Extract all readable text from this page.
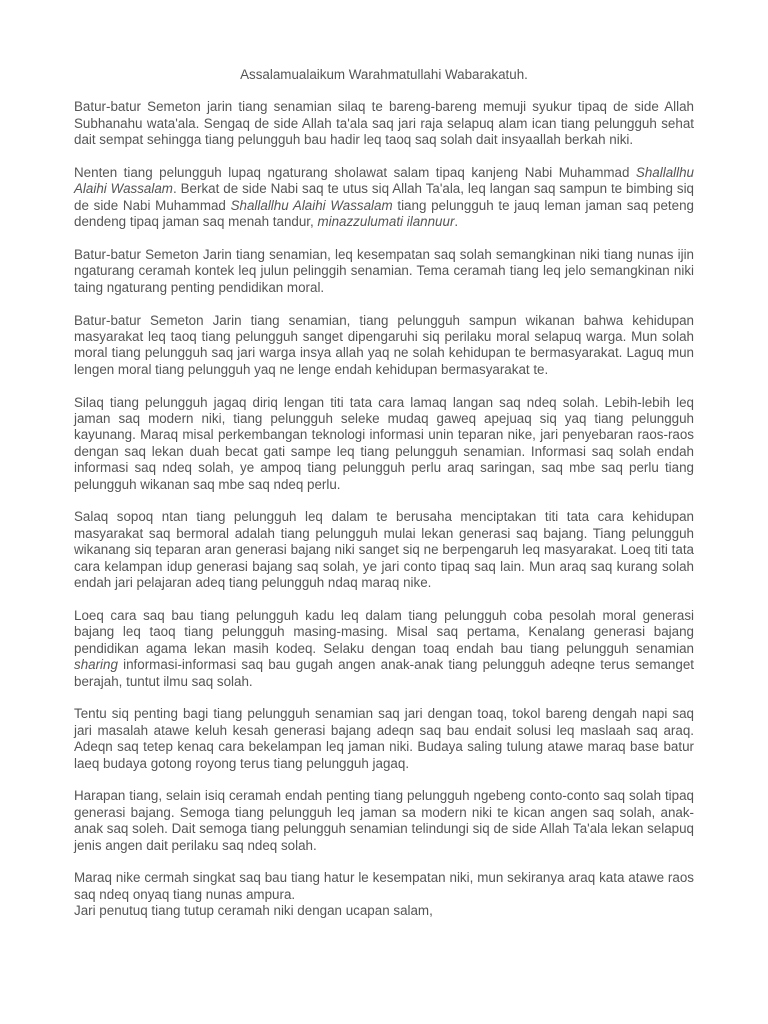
Assalamualaikum Warahmatullahi Wabarakatuh.

Batur-batur Semeton jarin tiang senamian silaq te bareng-bareng memuji syukur tipaq de side Allah Subhanahu wata'ala. Sengaq de side Allah ta'ala saq jari raja selapuq alam ican tiang pelungguh sehat dait sempat sehingga tiang pelungguh bau hadir leq taoq saq solah dait insyaallah berkah niki.

Nenten tiang pelungguh lupaq ngaturang sholawat salam tipaq kanjeng Nabi Muhammad Shallallhu Alaihi Wassalam. Berkat de side Nabi saq te utus siq Allah Ta'ala, leq langan saq sampun te bimbing siq de side Nabi Muhammad Shallallhu Alaihi Wassalam tiang pelungguh te jauq leman jaman saq peteng dendeng tipaq jaman saq menah tandur, minazzulumati ilannuur.

Batur-batur Semeton Jarin tiang senamian, leq kesempatan saq solah semangkinan niki tiang nunas ijin ngaturang ceramah kontek leq julun pelinggih senamian. Tema ceramah tiang leq jelo semangkinan niki taing ngaturang penting pendidikan moral.

Batur-batur Semeton Jarin tiang senamian, tiang pelungguh sampun wikanan bahwa kehidupan masyarakat leq taoq tiang pelungguh sanget dipengaruhi siq perilaku moral selapuq warga. Mun solah moral tiang pelungguh saq jari warga insya allah yaq ne solah kehidupan te bermasyarakat. Laguq mun lengen moral tiang pelungguh yaq ne lenge endah kehidupan bermasyarakat te.

Silaq tiang pelungguh jagaq diriq lengan titi tata cara lamaq langan saq ndeq solah. Lebih-lebih leq jaman saq modern niki, tiang pelungguh seleke mudaq gaweq apejuaq siq yaq tiang pelungguh kayunang. Maraq misal perkembangan teknologi informasi unin teparan nike, jari penyebaran raos-raos dengan saq lekan duah becat gati sampe leq tiang pelungguh senamian. Informasi saq solah endah informasi saq ndeq solah, ye ampoq tiang pelungguh perlu araq saringan, saq mbe saq perlu tiang pelungguh wikanan saq mbe saq ndeq perlu.

Salaq sopoq ntan tiang pelungguh leq dalam te berusaha menciptakan titi tata cara kehidupan masyarakat saq bermoral adalah tiang pelungguh mulai lekan generasi saq bajang. Tiang pelungguh wikanang siq teparan aran generasi bajang niki sanget siq ne berpengaruh leq masyarakat. Loeq titi tata cara kelampan idup generasi bajang saq solah, ye jari conto tipaq saq lain. Mun araq saq kurang solah endah jari pelajaran adeq tiang pelungguh ndaq maraq nike.

Loeq cara saq bau tiang pelungguh kadu leq dalam tiang pelungguh coba pesolah moral generasi bajang leq taoq tiang pelungguh masing-masing. Misal saq pertama, Kenalang generasi bajang pendidikan agama lekan masih kodeq. Selaku dengan toaq endah bau tiang pelungguh senamian sharing informasi-informasi saq bau gugah angen anak-anak tiang pelungguh adeqne terus semanget berajah, tuntut ilmu saq solah.

Tentu siq penting bagi tiang pelungguh senamian saq jari dengan toaq, tokol bareng dengah napi saq jari masalah atawe keluh kesah generasi bajang adeqn saq bau endait solusi leq maslaah saq araq. Adeqn saq tetep kenaq cara bekelampan leq jaman niki. Budaya saling tulung atawe maraq base batur laeq budaya gotong royong terus tiang pelungguh jagaq.

Harapan tiang, selain isiq ceramah endah penting tiang pelungguh ngebeng conto-conto saq solah tipaq generasi bajang. Semoga tiang pelungguh leq jaman sa modern niki te kican angen saq solah, anak-anak saq soleh. Dait semoga tiang pelungguh senamian telindungi siq de side Allah Ta'ala lekan selapuq jenis angen dait perilaku saq ndeq solah.

Maraq nike cermah singkat saq bau tiang hatur le kesempatan niki, mun sekiranya araq kata atawe raos saq ndeq onyaq tiang nunas ampura.

Jari penutuq tiang tutup ceramah niki dengan ucapan salam,
